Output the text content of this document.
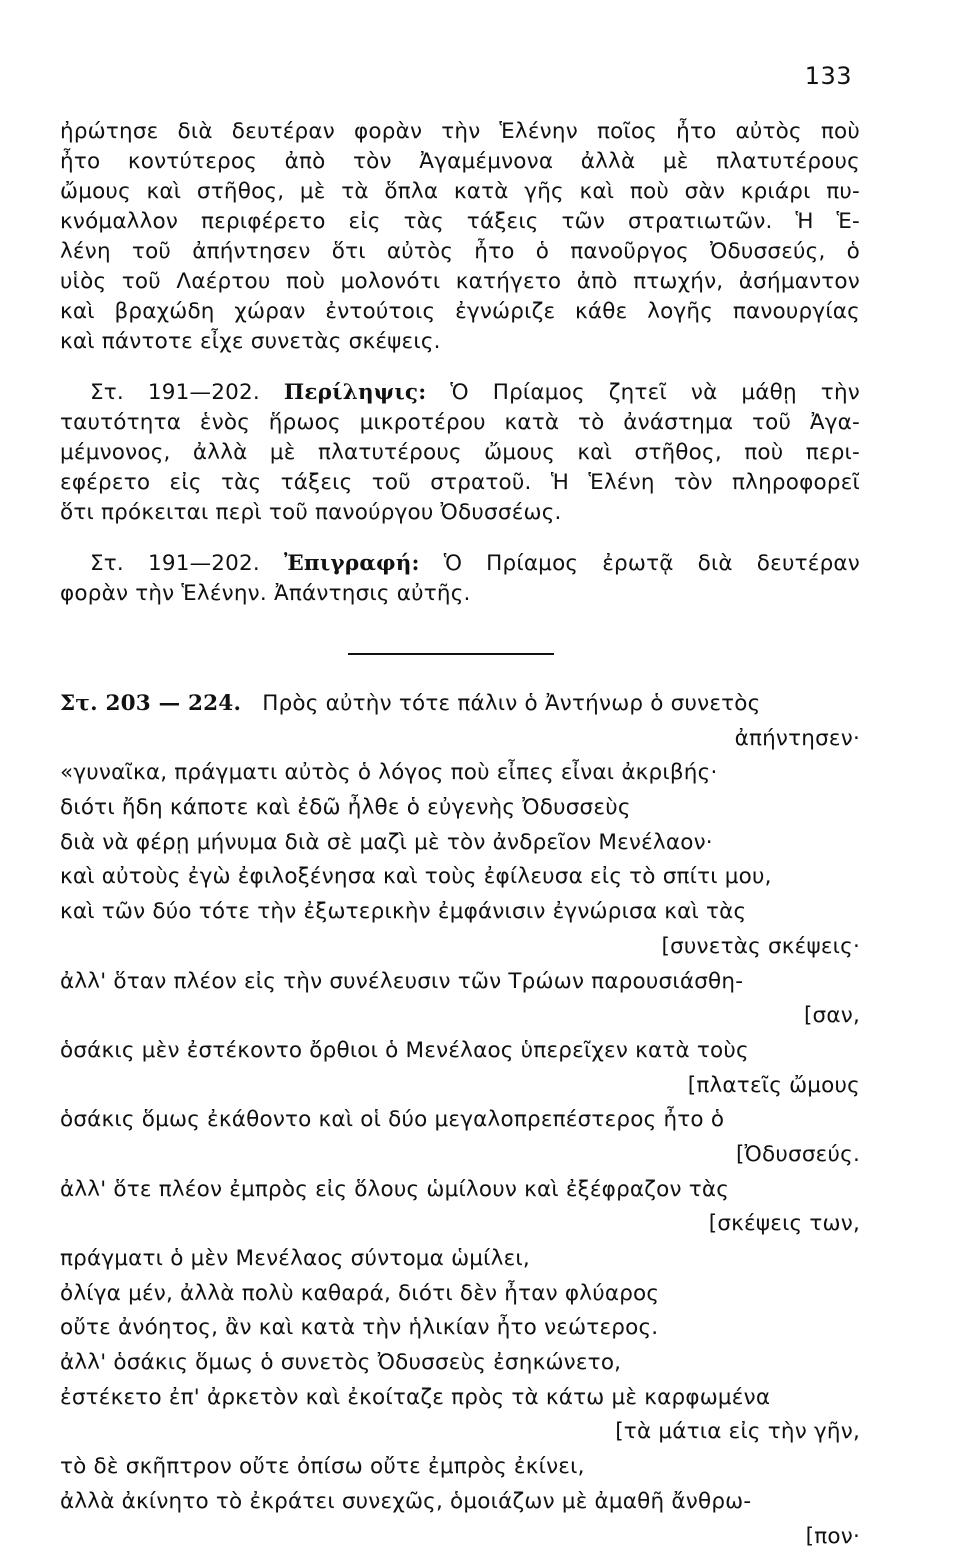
133
ἠρώτησε διὰ δευτέραν φορὰν τὴν Ἑλένην ποῖος ἦτο αὐτὸς ποὺ
ἦτο κοντύτερος ἀπὸ τὸν Ἀγαμέμνονα ἀλλὰ μὲ πλατυτέρους
ὤμους καὶ στῆθος, μὲ τὰ ὅπλα κατὰ γῆς καὶ ποὺ σὰν κριάρι πυ-
κνόμαλλον περιφέρετο εἰς τὰς τάξεις τῶν στρατιωτῶν. Ἡ Ἑ-
λένη τοῦ ἀπήντησεν ὅτι αὐτὸς ἦτο ὁ πανοῦργος Ὀδυσσεύς, ὁ
υἱὸς τοῦ Λαέρτου ποὺ μολονότι κατήγετο ἀπὸ πτωχήν, ἀσήμαντον
καὶ βραχώδη χώραν ἐντούτοις ἐγνώριζε κάθε λογῆς πανουργίας
καὶ πάντοτε εἶχε συνετὰς σκέψεις.
Στ. 191—202. Περίληψις: Ὁ Πρίαμος ζητεῖ νὰ μάθῃ τὴν
ταυτότητα ἑνὸς ἥρωος μικροτέρου κατὰ τὸ ἀνάστημα τοῦ Ἀγα-
μέμνονος, ἀλλὰ μὲ πλατυτέρους ὤμους καὶ στῆθος, ποὺ περι-
εφέρετο εἰς τὰς τάξεις τοῦ στρατοῦ. Ἡ Ἑλένη τὸν πληροφορεῖ
ὅτι πρόκειται περὶ τοῦ πανούργου Ὀδυσσέως.
Στ. 191—202. Ἐπιγραφή: Ὁ Πρίαμος ἐρωτᾷ διὰ δευτέραν
φορὰν τὴν Ἑλένην. Ἀπάντησις αὐτῆς.
Στ. 203 — 224. Πρὸς αὐτὴν τότε πάλιν ὁ Ἀντήνωρ ὁ συνετὸς
ἀπήντησεν·
«γυναῖκα, πράγματι αὐτὸς ὁ λόγος ποὺ εἶπες εἶναι ἀκριβής·
διότι ἤδη κάποτε καὶ ἐδῶ ἦλθε ὁ εὐγενὴς Ὀδυσσεὺς
διὰ νὰ φέρῃ μήνυμα διὰ σὲ μαζὶ μὲ τὸν ἀνδρεῖον Μενέλαον·
καὶ αὐτοὺς ἐγὼ ἐφιλοξένησα καὶ τοὺς ἐφίλευσα εἰς τὸ σπίτι μου,
καὶ τῶν δύο τότε τὴν ἐξωτερικὴν ἐμφάνισιν ἐγνώρισα καὶ τὰς
[συνετὰς σκέψεις·
ἀλλ' ὅταν πλέον εἰς τὴν συνέλευσιν τῶν Τρώων παρουσιάσθη-
[σαν,
ὁσάκις μὲν ἐστέκοντο ὄρθιοι ὁ Μενέλαος ὑπερεῖχεν κατὰ τοὺς
[πλατεῖς ὤμους
ὁσάκις ὅμως ἐκάθοντο καὶ οἱ δύο μεγαλοπρεπέστερος ἦτο ὁ
[Ὀδυσσεύς.
ἀλλ' ὅτε πλέον ἐμπρὸς εἰς ὅλους ὡμίλουν καὶ ἐξέφραζον τὰς
[σκέψεις των,
πράγματι ὁ μὲν Μενέλαος σύντομα ὡμίλει,
ὀλίγα μέν, ἀλλὰ πολὺ καθαρά, διότι δὲν ἦταν φλύαρος
οὔτε ἀνόητος, ἂν καὶ κατὰ τὴν ἡλικίαν ἦτο νεώτερος.
ἀλλ' ὁσάκις ὅμως ὁ συνετὸς Ὀδυσσεὺς ἐσηκώνετο,
ἐστέκετο ἐπ' ἀρκετὸν καὶ ἐκοίταζε πρὸς τὰ κάτω μὲ καρφωμένα
[τὰ μάτια εἰς τὴν γῆν,
τὸ δὲ σκῆπτρον οὔτε ὀπίσω οὔτε ἐμπρὸς ἐκίνει,
ἀλλὰ ἀκίνητο τὸ ἐκράτει συνεχῶς, ὁμοιάζων μὲ ἀμαθῆ ἄνθρω-
[πον·
